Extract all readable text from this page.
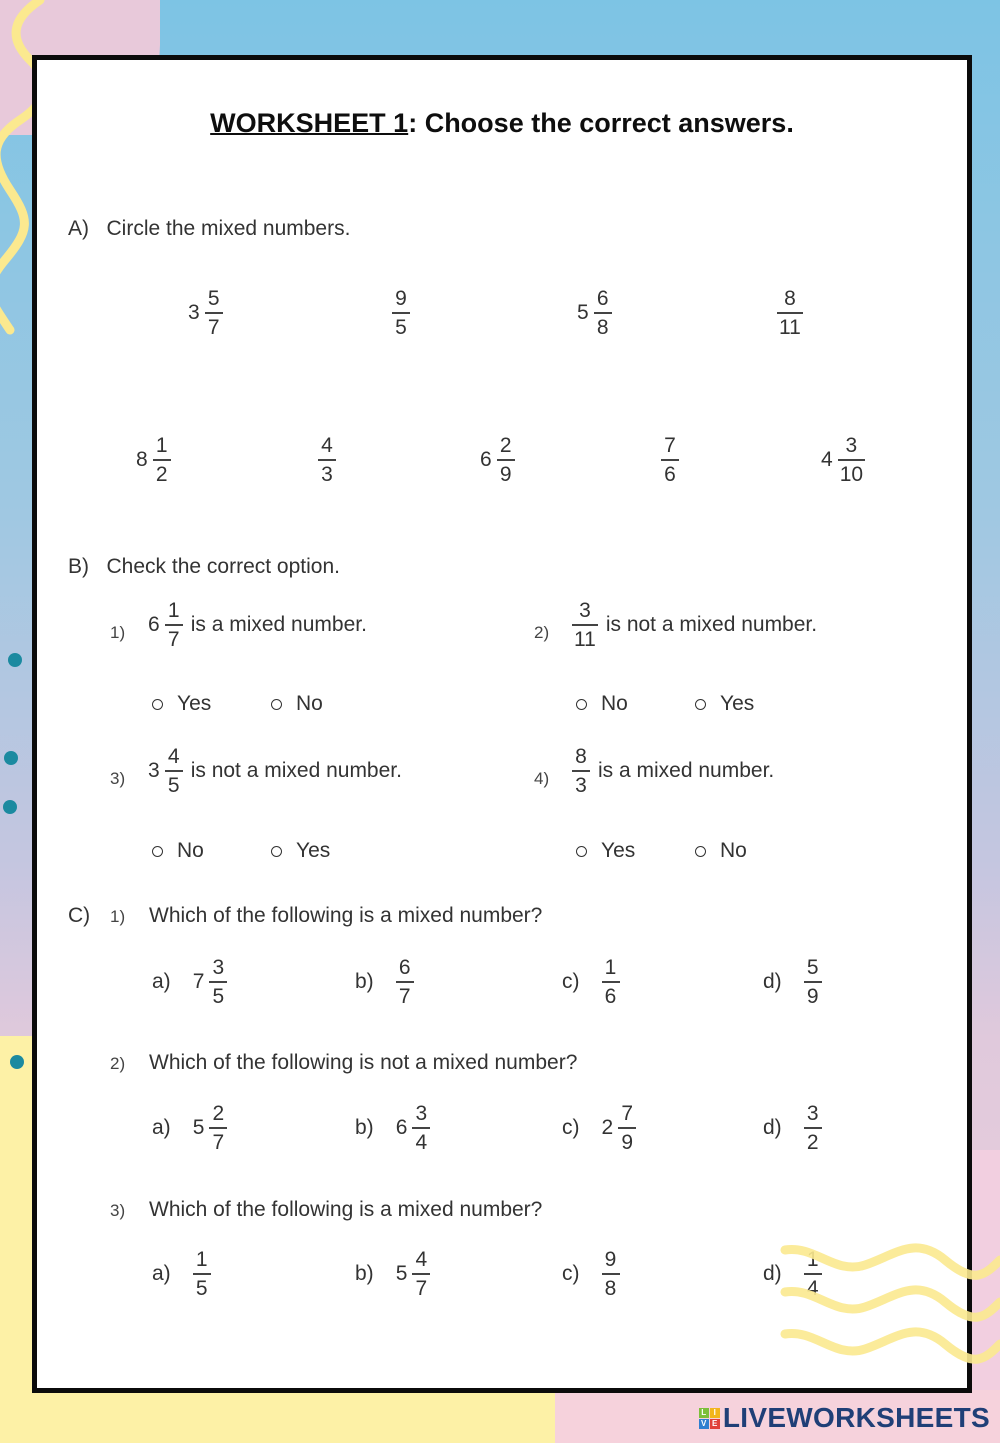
WORKSHEET 1: Choose the correct answers.
A) Circle the mixed numbers.
$3 \frac{5}{7}$	$\frac{9}{5}$	$5 \frac{6}{8}$	$\frac{8}{11}$
$8 \frac{1}{2}$	$\frac{4}{3}$	$6 \frac{2}{9}$	$\frac{7}{6}$	$4 \frac{3}{10}$
B) Check the correct option.
1) $6 \frac{1}{7}$ is a mixed number.
Yes	No
$2) \frac{3}{11}$ is not a mixed number.
No	Yes
3) $3 \frac{4}{5}$ is not a mixed number.
No	Yes
$4) \frac{8}{3}$ is a mixed number.
Yes	No
C) 1) Which of the following is a mixed number?
a) $7 \frac{3}{5}$	$b) \frac{6}{7}$	$c) \frac{1}{6}$	$d) \frac{5}{9}$
2) Which of the following is not a mixed number?
a) $5 \frac{2}{7}$	b) $6 \frac{3}{4}$	c) $2 \frac{7}{9}$	$d) \frac{3}{2}$
3) Which of the following is a mixed number?
$a) \frac{1}{5}$	b) $5 \frac{4}{7}$	$c) \frac{9}{8}$	$d) \frac{1}{4}$
L I
V E LIVEWORKSHEETS
